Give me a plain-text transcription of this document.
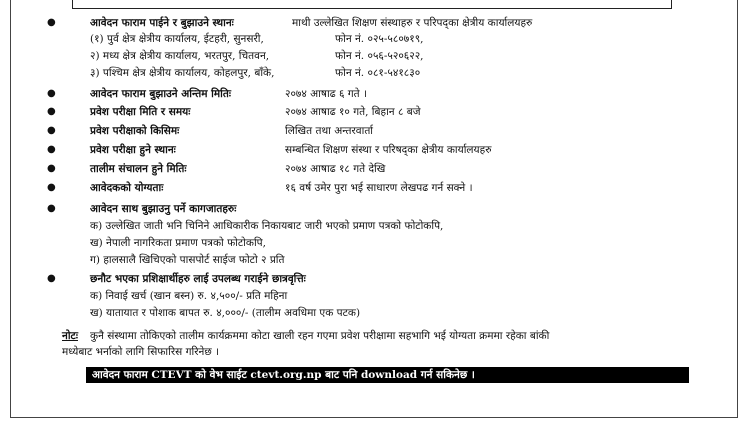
●	आवेदन फाराम पाईने र बुझाउने स्थानः	माथी उल्लेखित शिक्षण संस्थाहरु र परिपद्का क्षेत्रीय कार्यालयहरु
(१) पुर्व क्षेत्र क्षेत्रीय कार्यालय, ईटहरी, सुनसरी,	फोन नं. ०२५-५८०७१९,
२) मध्य क्षेत्र क्षेत्रीय कार्यालय, भरतपुर, चितवन,	फोन नं. ०५६-५२०६२२,
३) पश्चिम क्षेत्र क्षेत्रीय कार्यालय, कोहलपुर, बाँके,	फोन नं. ०८१-५४१८३०
●	आवेदन फाराम बुझाउने अन्तिम मितिः	२०७४ आषाढ ६ गते ।
●	प्रवेश परीक्षा मिति र समयः	२०७४ आषाढ १० गते, बिहान ८ बजे
●	प्रवेश परीक्षाको किसिमः	लिखित तथा अन्तरवार्ता
●	प्रवेश परीक्षा हुने स्थानः	सम्बन्धित शिक्षण संस्था र परिषद्का क्षेत्रीय कार्यालयहरु
●	तालीम संचालन हुने मितिः	२०७४ आषाढ १८ गते देखि
●	आवेदकको योग्यताः	१६ वर्ष उमेर पुरा भई साधारण लेखपढ गर्न सक्ने ।
●	आवेदन साथ बुझाउनु पर्ने कागजातहरुः
क) उल्लेखित जाती भनि चिनिने आधिकारीक निकायबाट जारी भएको प्रमाण पत्रको फोटोकपि,
ख) नेपाली नागरिकता प्रमाण पत्रको फोटोकपि,
ग) हालसालै खिचिएको पासपोर्ट साईज फोटो २ प्रति
●	छनौट भएका प्रशिक्षार्थीहरु लाई उपलब्ध गराईने छात्रवृत्तिः
क) निवाई खर्च (खान बस्न) रु. ४,५००/- प्रति महिना
ख) यातायात र पोशाक बापत रु. ४,०००/- (तालीम अवधिमा एक पटक)
नोटः कुनै संस्थामा तोकिएको तालीम कार्यक्रममा कोटा खाली रहन गएमा प्रवेश परीक्षामा सहभागि भई योग्यता क्रममा रहेका बांकी
मध्येबाट भर्नाको लागि सिफारिस गरिनेछ ।
आवेदन फाराम CTEVT को वेभ साईट ctevt.org.np बाट पनि download गर्न सकिनेछ ।
